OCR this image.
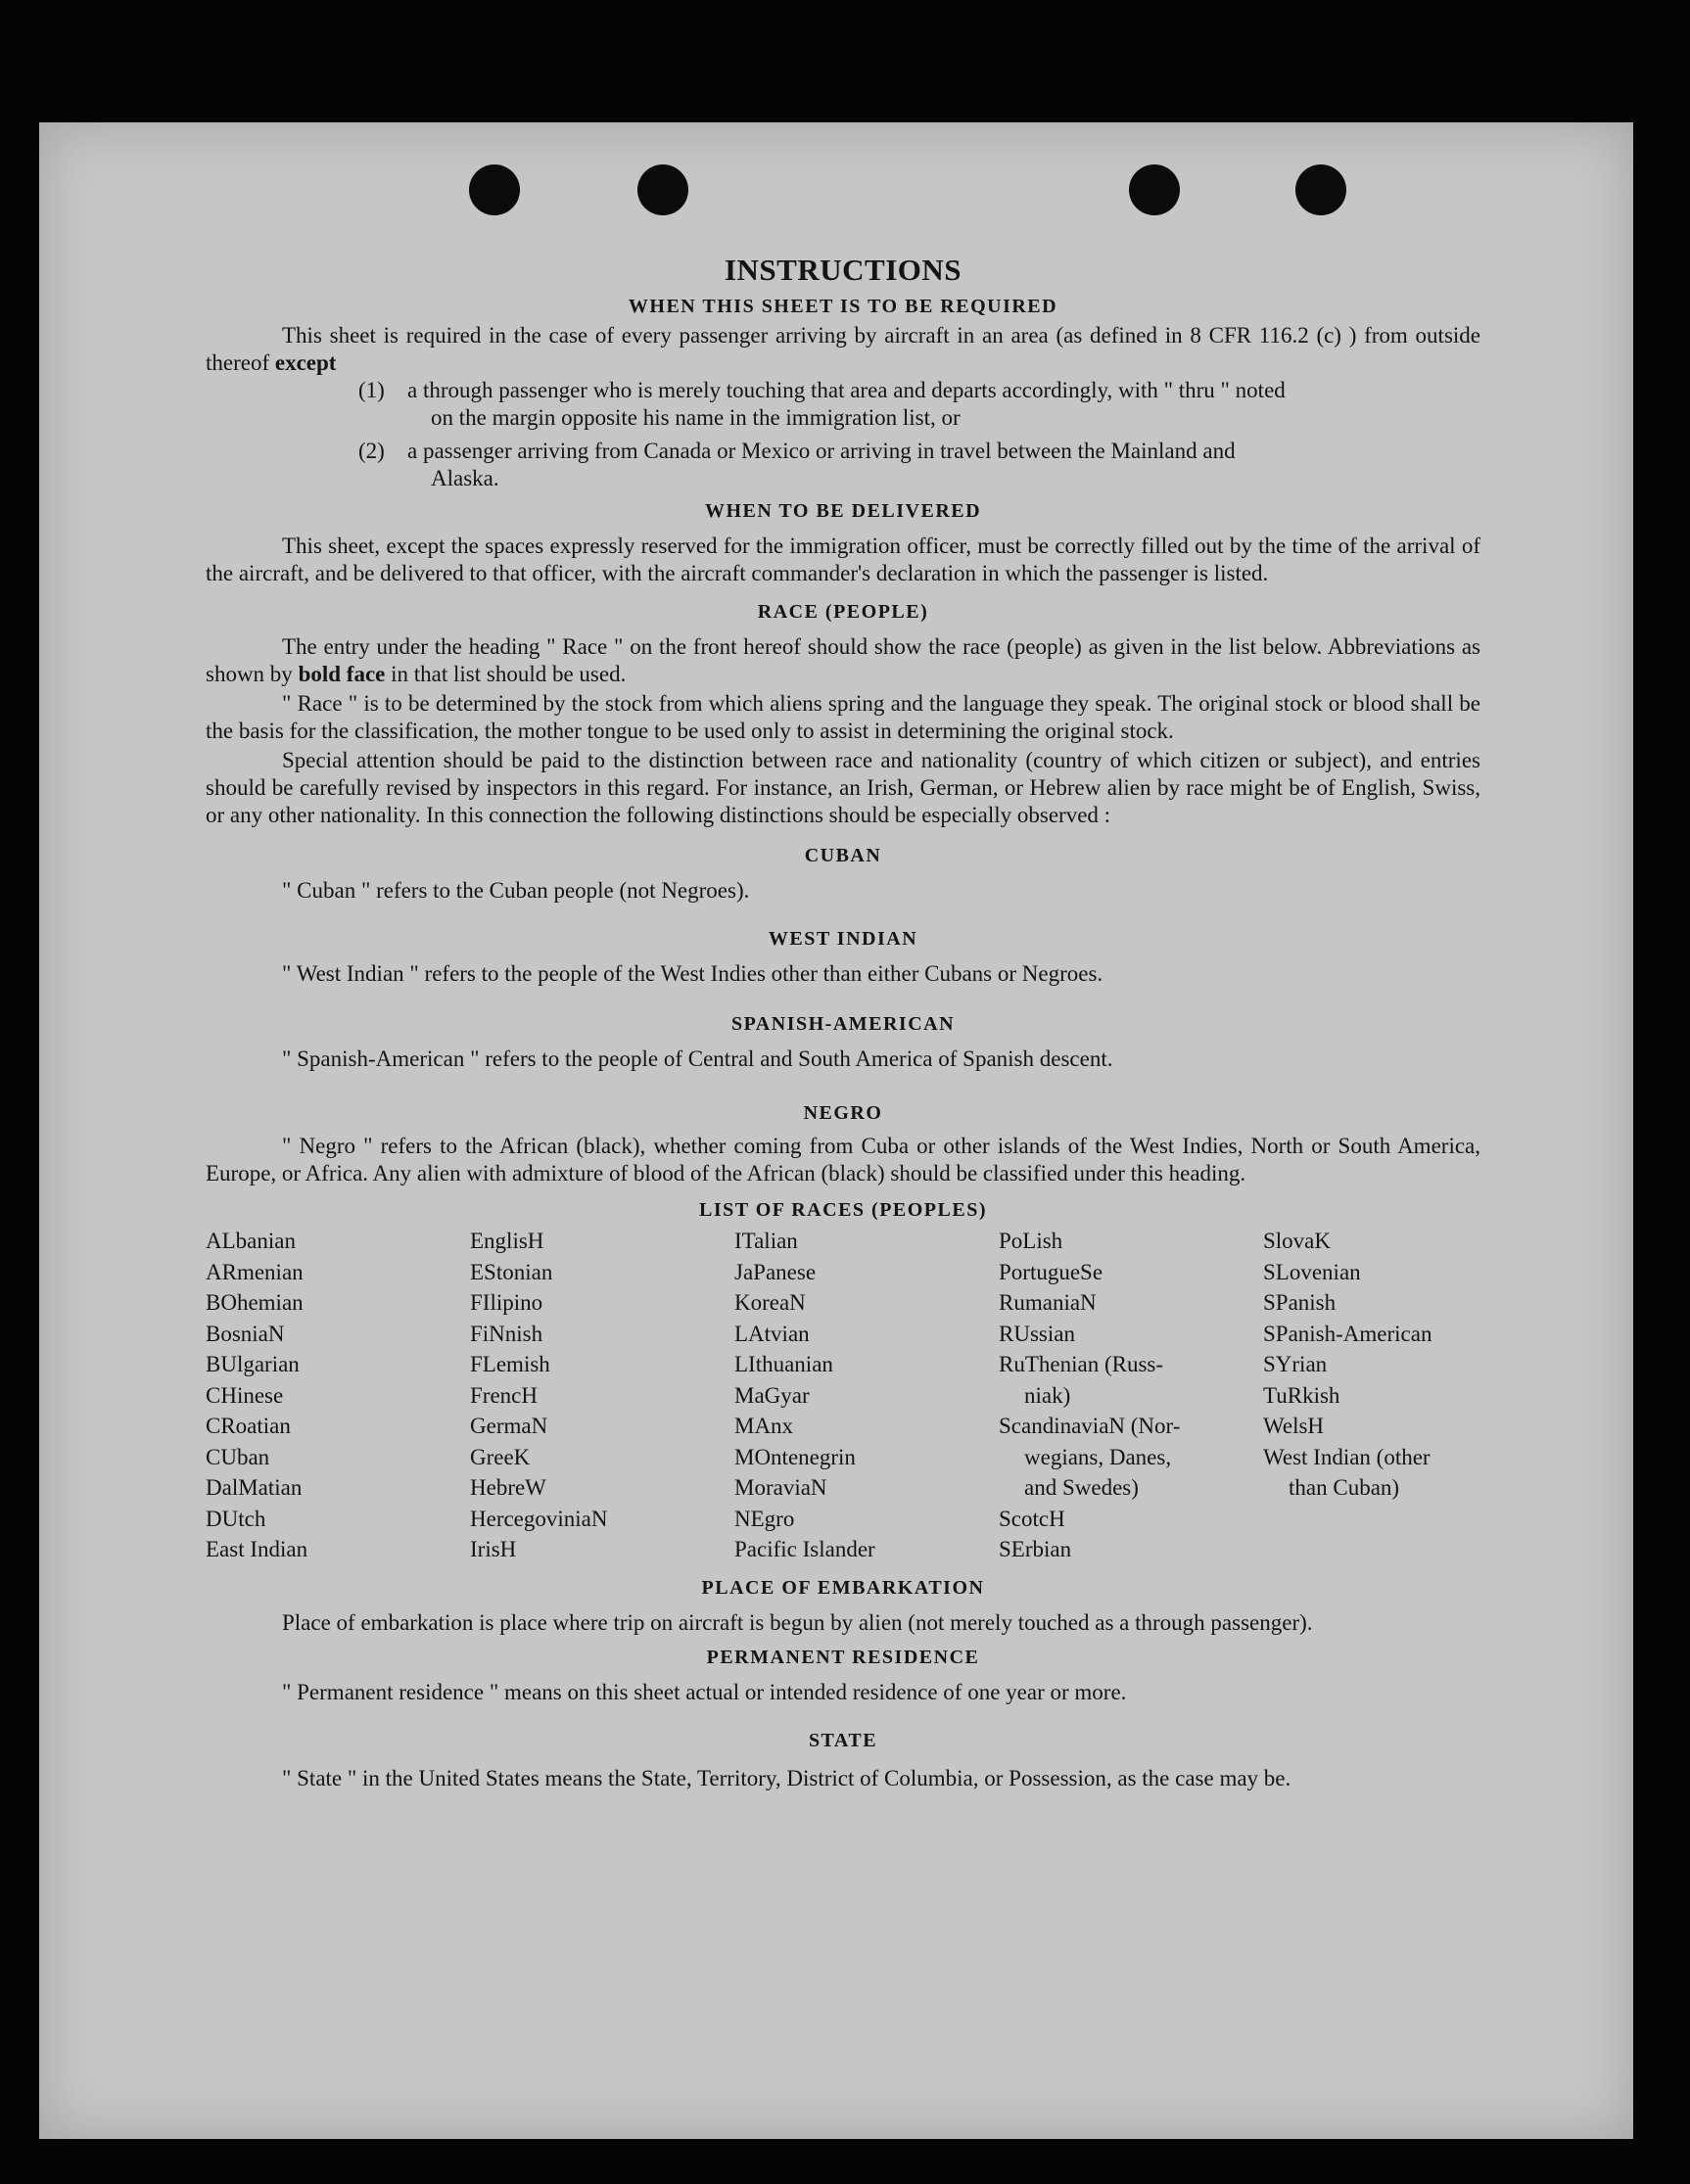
INSTRUCTIONS
WHEN THIS SHEET IS TO BE REQUIRED

This sheet is required in the case of every passenger arriving by aircraft in an area (as defined in 8 CFR 116.2 (c) ) from outside thereof except

(1)	a through passenger who is merely touching that area and departs accordingly, with " thru " noted
on the margin opposite his name in the immigration list, or
(2)	a passenger arriving from Canada or Mexico or arriving in travel between the Mainland and
Alaska.
WHEN TO BE DELIVERED

This sheet, except the spaces expressly reserved for the immigration officer, must be correctly filled out by the time of the arrival of the aircraft, and be delivered to that officer, with the aircraft commander's declaration in which the passenger is listed.

RACE (PEOPLE)

The entry under the heading " Race " on the front hereof should show the race (people) as given in the list below. Abbreviations as shown by bold face in that list should be used.

" Race " is to be determined by the stock from which aliens spring and the language they speak. The original stock or blood shall be the basis for the classification, the mother tongue to be used only to assist in determining the original stock.

Special attention should be paid to the distinction between race and nationality (country of which citizen or subject), and entries should be carefully revised by inspectors in this regard. For instance, an Irish, German, or Hebrew alien by race might be of English, Swiss, or any other nationality. In this connection the following distinctions should be especially observed :

CUBAN

" Cuban " refers to the Cuban people (not Negroes).

WEST INDIAN

" West Indian " refers to the people of the West Indies other than either Cubans or Negroes.

SPANISH-AMERICAN

" Spanish-American " refers to the people of Central and South America of Spanish descent.

NEGRO

" Negro " refers to the African (black), whether coming from Cuba or other islands of the West Indies, North or South America, Europe, or Africa. Any alien with admixture of blood of the African (black) should be classified under this heading.

LIST OF RACES (PEOPLES)
ALbanian
ARmenian
BOhemian
BosniaN
BUlgarian
CHinese
CRoatian
CUban
DalMatian
DUtch
East Indian
EnglisH
EStonian
FIlipino
FiNnish
FLemish
FrencH
GermaN
GreeK
HebreW
HercegoviniaN
IrisH
ITalian
JaPanese
KoreaN
LAtvian
LIthuanian
MaGyar
MAnx
MOntenegrin
MoraviaN
NEgro
Pacific Islander
PoLish
PortugueSe
RumaniaN
RUssian
RuThenian (Russ-
niak)
ScandinaviaN (Nor-
wegians, Danes,
and Swedes)
ScotcH
SErbian
SlovaK
SLovenian
SPanish
SPanish-American
SYrian
TuRkish
WelsH
West Indian (other
than Cuban)
PLACE OF EMBARKATION

Place of embarkation is place where trip on aircraft is begun by alien (not merely touched as a through passenger).

PERMANENT RESIDENCE

" Permanent residence " means on this sheet actual or intended residence of one year or more.

STATE

" State " in the United States means the State, Territory, District of Columbia, or Possession, as the case may be.
